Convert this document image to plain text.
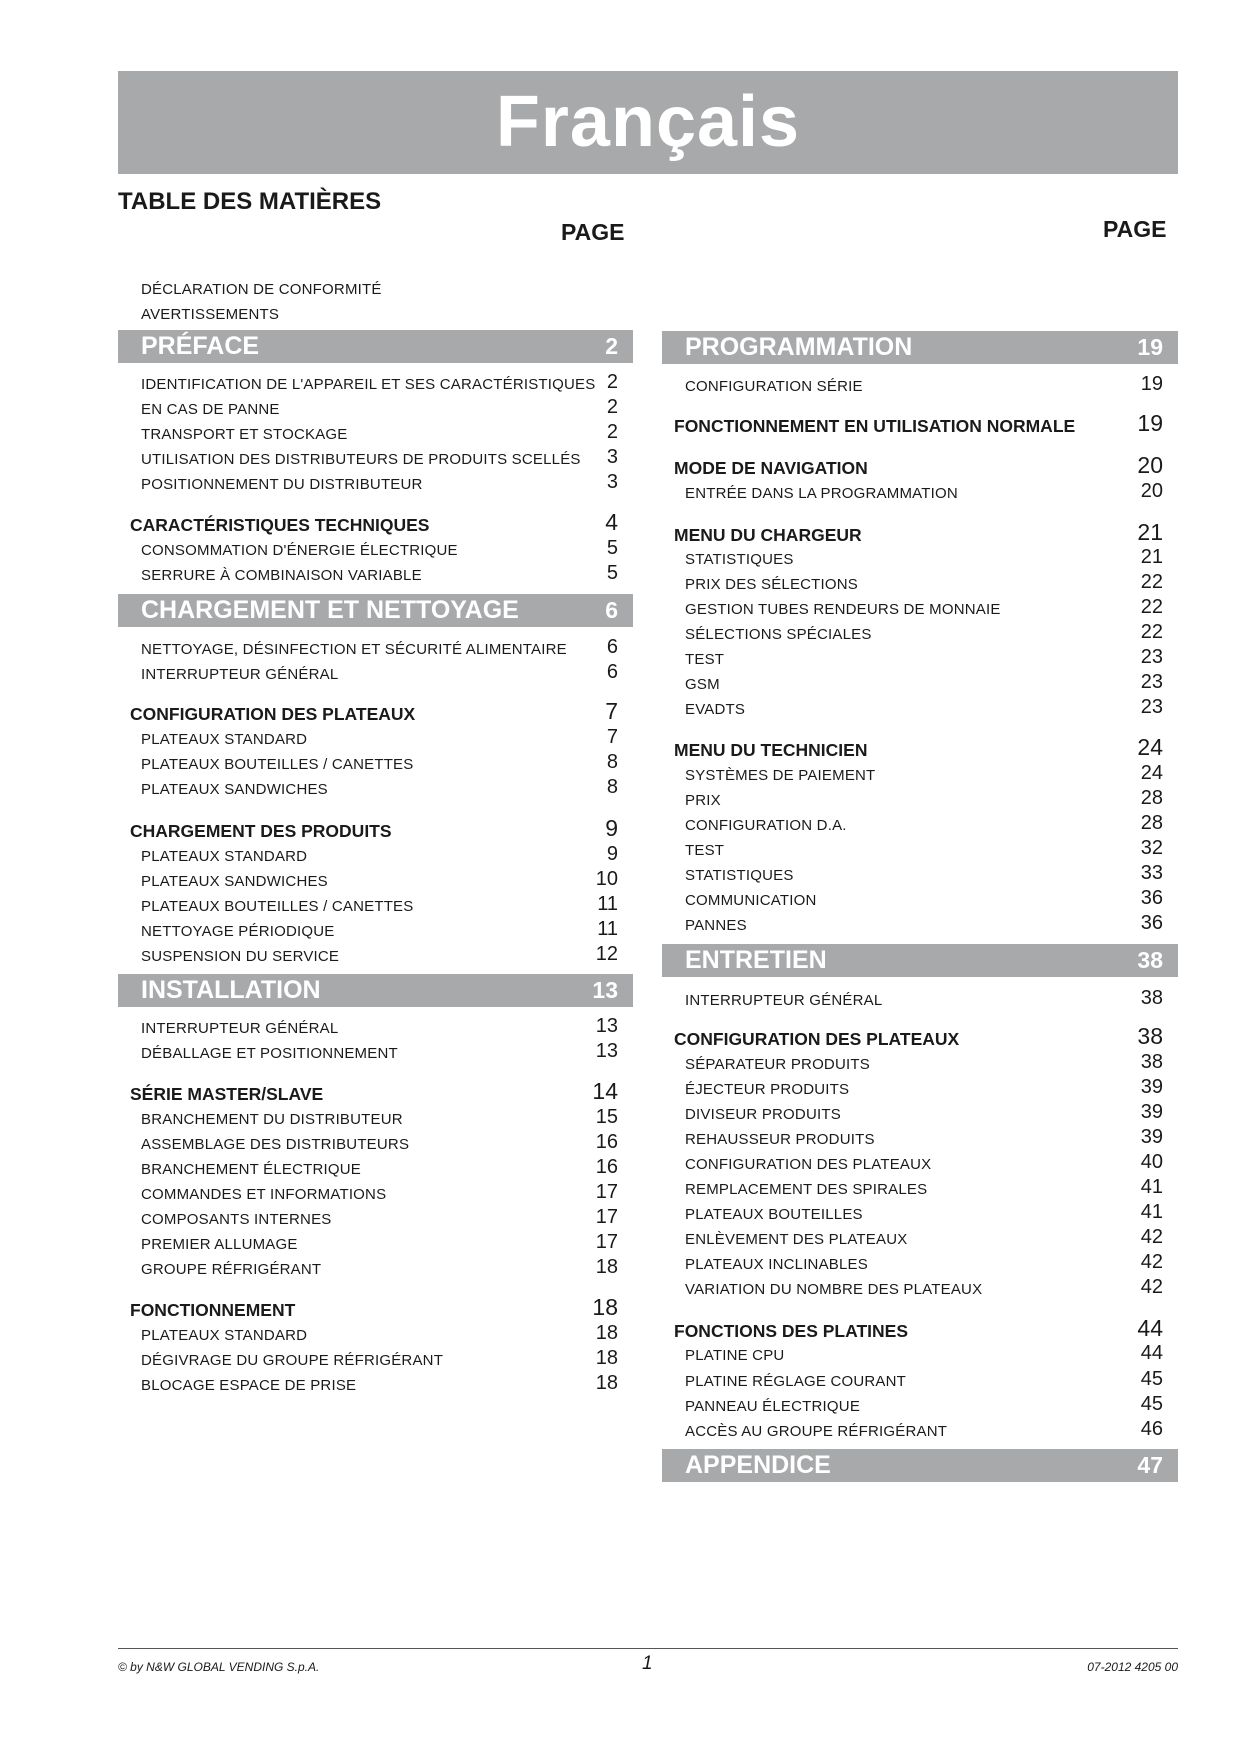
Français
TABLE DES MATIÈRES
PAGE	PAGE
DÉCLARATION DE CONFORMITÉ
AVERTISSEMENTS
PRÉFACE	2
IDENTIFICATION DE L'APPAREIL ET SES CARACTÉRISTIQUES 2
EN CAS DE PANNE	2
TRANSPORT ET STOCKAGE	2
UTILISATION DES DISTRIBUTEURS DE PRODUITS SCELLÉS 3
POSITIONNEMENT DU DISTRIBUTEUR	3
CARACTÉRISTIQUES TECHNIQUES	4
CONSOMMATION D'ÉNERGIE ÉLECTRIQUE	5
SERRURE À COMBINAISON VARIABLE	5
CHARGEMENT ET NETTOYAGE	6
NETTOYAGE, DÉSINFECTION ET SÉCURITÉ ALIMENTAIRE 6
INTERRUPTEUR GÉNÉRAL	6
CONFIGURATION DES PLATEAUX	7
PLATEAUX STANDARD	7
PLATEAUX BOUTEILLES / CANETTES	8
PLATEAUX SANDWICHES	8
CHARGEMENT DES PRODUITS	9
PLATEAUX STANDARD	9
PLATEAUX SANDWICHES	10
PLATEAUX BOUTEILLES / CANETTES	11
NETTOYAGE PÉRIODIQUE	11
SUSPENSION DU SERVICE	12
INSTALLATION	13
INTERRUPTEUR GÉNÉRAL	13
DÉBALLAGE ET POSITIONNEMENT	13
SÉRIE MASTER/SLAVE	14
BRANCHEMENT DU DISTRIBUTEUR	15
ASSEMBLAGE DES DISTRIBUTEURS	16
BRANCHEMENT ÉLECTRIQUE	16
COMMANDES ET INFORMATIONS	17
COMPOSANTS INTERNES	17
PREMIER ALLUMAGE	17
GROUPE RÉFRIGÉRANT	18
FONCTIONNEMENT	18
PLATEAUX STANDARD	18
DÉGIVRAGE DU GROUPE RÉFRIGÉRANT	18
BLOCAGE ESPACE DE PRISE	18
PROGRAMMATION	19
CONFIGURATION SÉRIE	19
FONCTIONNEMENT EN UTILISATION NORMALE	19
MODE DE NAVIGATION	20
ENTRÉE DANS LA PROGRAMMATION	20
MENU DU CHARGEUR	21
STATISTIQUES	21
PRIX DES SÉLECTIONS	22
GESTION TUBES RENDEURS DE MONNAIE	22
SÉLECTIONS SPÉCIALES	22
TEST	23
GSM	23
EVADTS	23
MENU DU TECHNICIEN	24
SYSTÈMES DE PAIEMENT	24
PRIX	28
CONFIGURATION D.A.	28
TEST	32
STATISTIQUES	33
COMMUNICATION	36
PANNES	36
ENTRETIEN	38
INTERRUPTEUR GÉNÉRAL	38
CONFIGURATION DES PLATEAUX	38
SÉPARATEUR PRODUITS	38
ÉJECTEUR PRODUITS	39
DIVISEUR PRODUITS	39
REHAUSSEUR PRODUITS	39
CONFIGURATION DES PLATEAUX	40
REMPLACEMENT DES SPIRALES	41
PLATEAUX BOUTEILLES	41
ENLÈVEMENT DES PLATEAUX	42
PLATEAUX INCLINABLES	42
VARIATION DU NOMBRE DES PLATEAUX	42
FONCTIONS DES PLATINES	44
PLATINE CPU	44
PLATINE RÉGLAGE COURANT	45
PANNEAU ÉLECTRIQUE	45
ACCÈS AU GROUPE RÉFRIGÉRANT	46
APPENDICE	47
© by N&W GLOBAL VENDING S.p.A.	1	07-2012 4205 00
